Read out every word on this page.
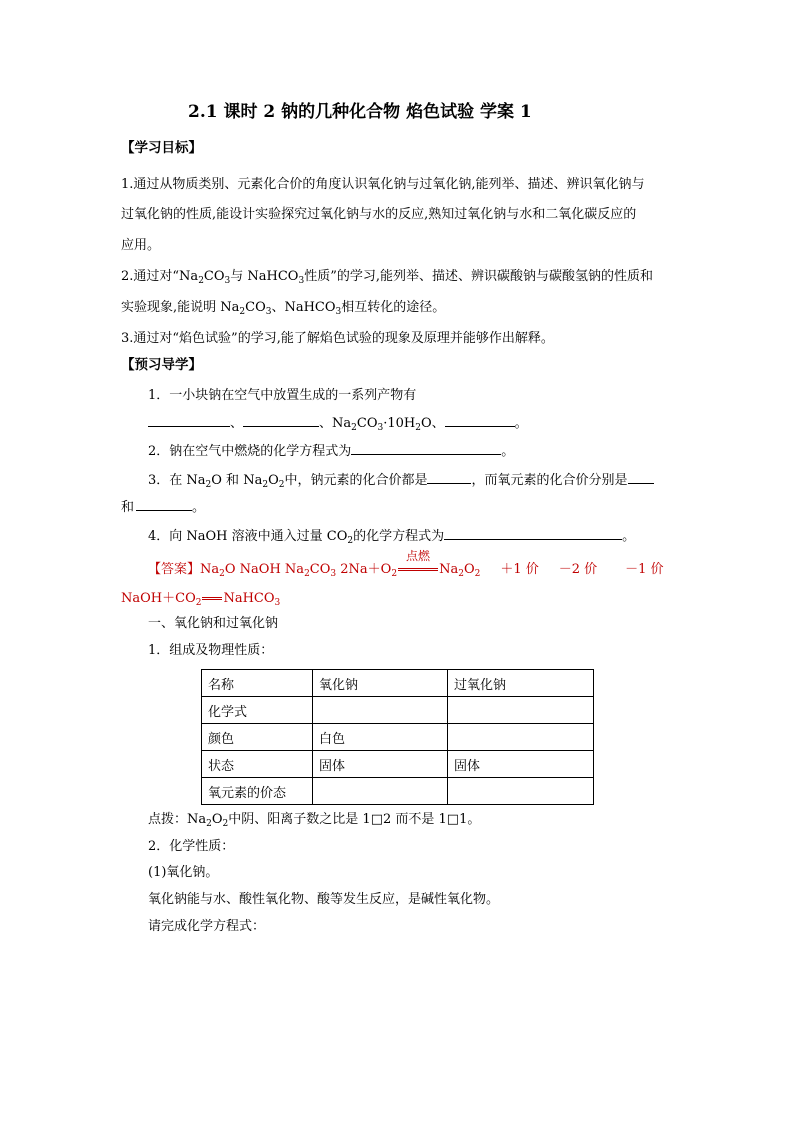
2.1 课时 2 钠的几种化合物 焰色试验 学案 1
【学习目标】
1.通过从物质类别、元素化合价的角度认识氧化钠与过氧化钠,能列举、描述、辨识氧化钠与
过氧化钠的性质,能设计实验探究过氧化钠与水的反应,熟知过氧化钠与水和二氧化碳反应的
应用。
2.通过对“$Na_2CO_3$与 NaHCO$_3$性质”的学习,能列举、描述、辨识碳酸钠与碳酸氢钠的性质和
实验现象,能说明 $Na_2CO_3$、NaHCO$_3$相互转化的途径。
3.通过对“焰色试验”的学习,能了解焰色试验的现象及原理并能够作出解释。
【预习导学】
1．一小块钠在空气中放置生成的一系列产物有
、	、$Na_2CO_3\cdot 10H_2O$、	。
2．钠在空气中燃烧的化学方程式为	。
3．在 $Na_2O$ 和 $Na_2O_2$中，钠元素的化合价都是	，而氧元素的化合价分别是
和	。
4．向 NaOH 溶液中通入过量 $CO_2$的化学方程式为	。
【答案】$Na_2O$ NaOH $Na_2CO_3$ $2Na+O_2$
点燃
$Na_2O_2 +1$ 价 －2 价 －1 价
$NaOH+CO_2$ NaHCO$_3$
一、氧化钠和过氧化钠
1．组成及物理性质：
名称	氧化钠	过氧化钠
化学式		
颜色	白色	
状态	固体	固体
氧元素的价态		
点拨：$Na_2O_2$中阴、阳离子数之比是 1□2 而不是 1□1。
2．化学性质：
(1)氧化钠。
氧化钠能与水、酸性氧化物、酸等发生反应，是碱性氧化物。
请完成化学方程式：
